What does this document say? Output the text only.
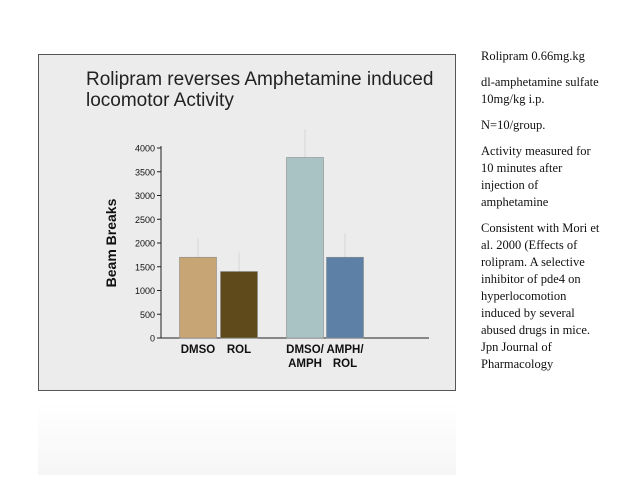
Rolipram reverses Amphetamine induced locomotor Activity
0
500
1000
1500
2000
2500
3000
3500
4000
Beam Breaks
DMSO ROL	DMSO/ AMPH
AMPH/ ROL

Rolipram 0.66mg.kg

dl-amphetamine sulfate
10mg/kg i.p.

N=10/group.

Activity measured for
10 minutes after
injection of
amphetamine

Consistent with Mori et
al. 2000 (Effects of
rolipram. A selective
inhibitor of pde4 on
hyperlocomotion
induced by several
abused drugs in mice.
Jpn Journal of
Pharmacology
